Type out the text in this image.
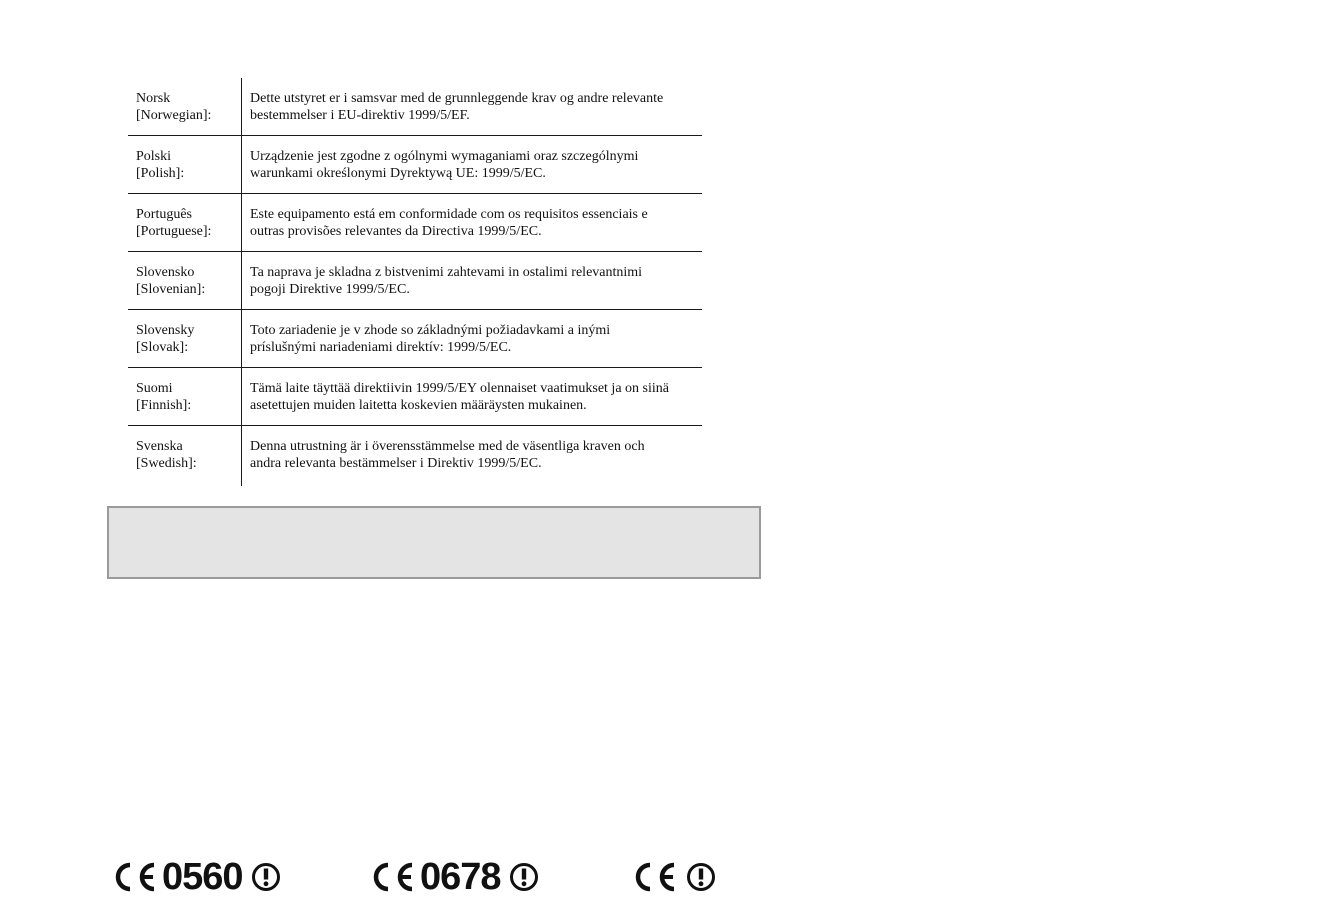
Norsk
[Norwegian]:
Dette utstyret er i samsvar med de grunnleggende krav og andre relevante
bestemmelser i EU-direktiv 1999/5/EF.
Polski
[Polish]:
Urządzenie jest zgodne z ogólnymi wymaganiami oraz szczególnymi
warunkami określonymi Dyrektywą UE: 1999/5/EC.
Português
[Portuguese]:
Este equipamento está em conformidade com os requisitos essenciais e
outras provisões relevantes da Directiva 1999/5/EC.
Slovensko
[Slovenian]:
Ta naprava je skladna z bistvenimi zahtevami in ostalimi relevantnimi
pogoji Direktive 1999/5/EC.
Slovensky
[Slovak]:
Toto zariadenie je v zhode so základnými požiadavkami a inými
príslušnými nariadeniami direktív: 1999/5/EC.
Suomi
[Finnish]:
Tämä laite täyttää direktiivin 1999/5/EY olennaiset vaatimukset ja on siinä
asetettujen muiden laitetta koskevien määräysten mukainen.
Svenska
[Swedish]:
Denna utrustning är i överensstämmelse med de väsentliga kraven och
andra relevanta bestämmelser i Direktiv 1999/5/EC.
0560	0678
